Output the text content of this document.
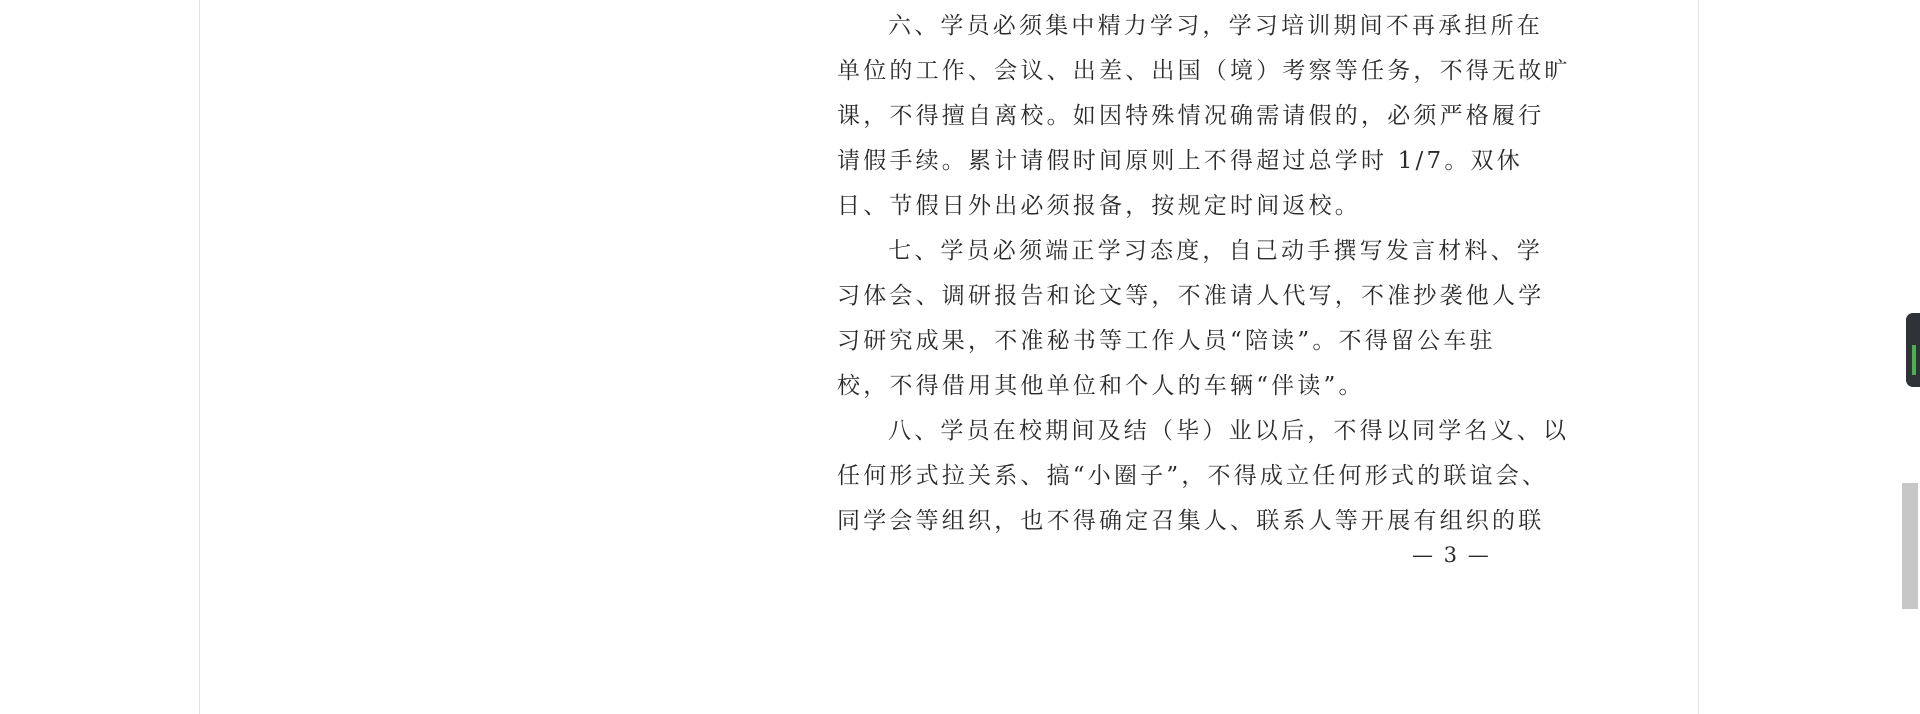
六、学员必须集中精力学习，学习培训期间不再承担所在
单位的工作、会议、出差、出国（境）考察等任务，不得无故旷
课，不得擅自离校。如因特殊情况确需请假的，必须严格履行
请假手续。累计请假时间原则上不得超过总学时 1/7。双休
日、节假日外出必须报备，按规定时间返校。
七、学员必须端正学习态度，自己动手撰写发言材料、学
习体会、调研报告和论文等，不准请人代写，不准抄袭他人学
习研究成果，不准秘书等工作人员“陪读”。不得留公车驻
校，不得借用其他单位和个人的车辆“伴读”。
八、学员在校期间及结（毕）业以后，不得以同学名义、以
任何形式拉关系、搞“小圈子”，不得成立任何形式的联谊会、
同学会等组织，也不得确定召集人、联系人等开展有组织的联
— 3 —
